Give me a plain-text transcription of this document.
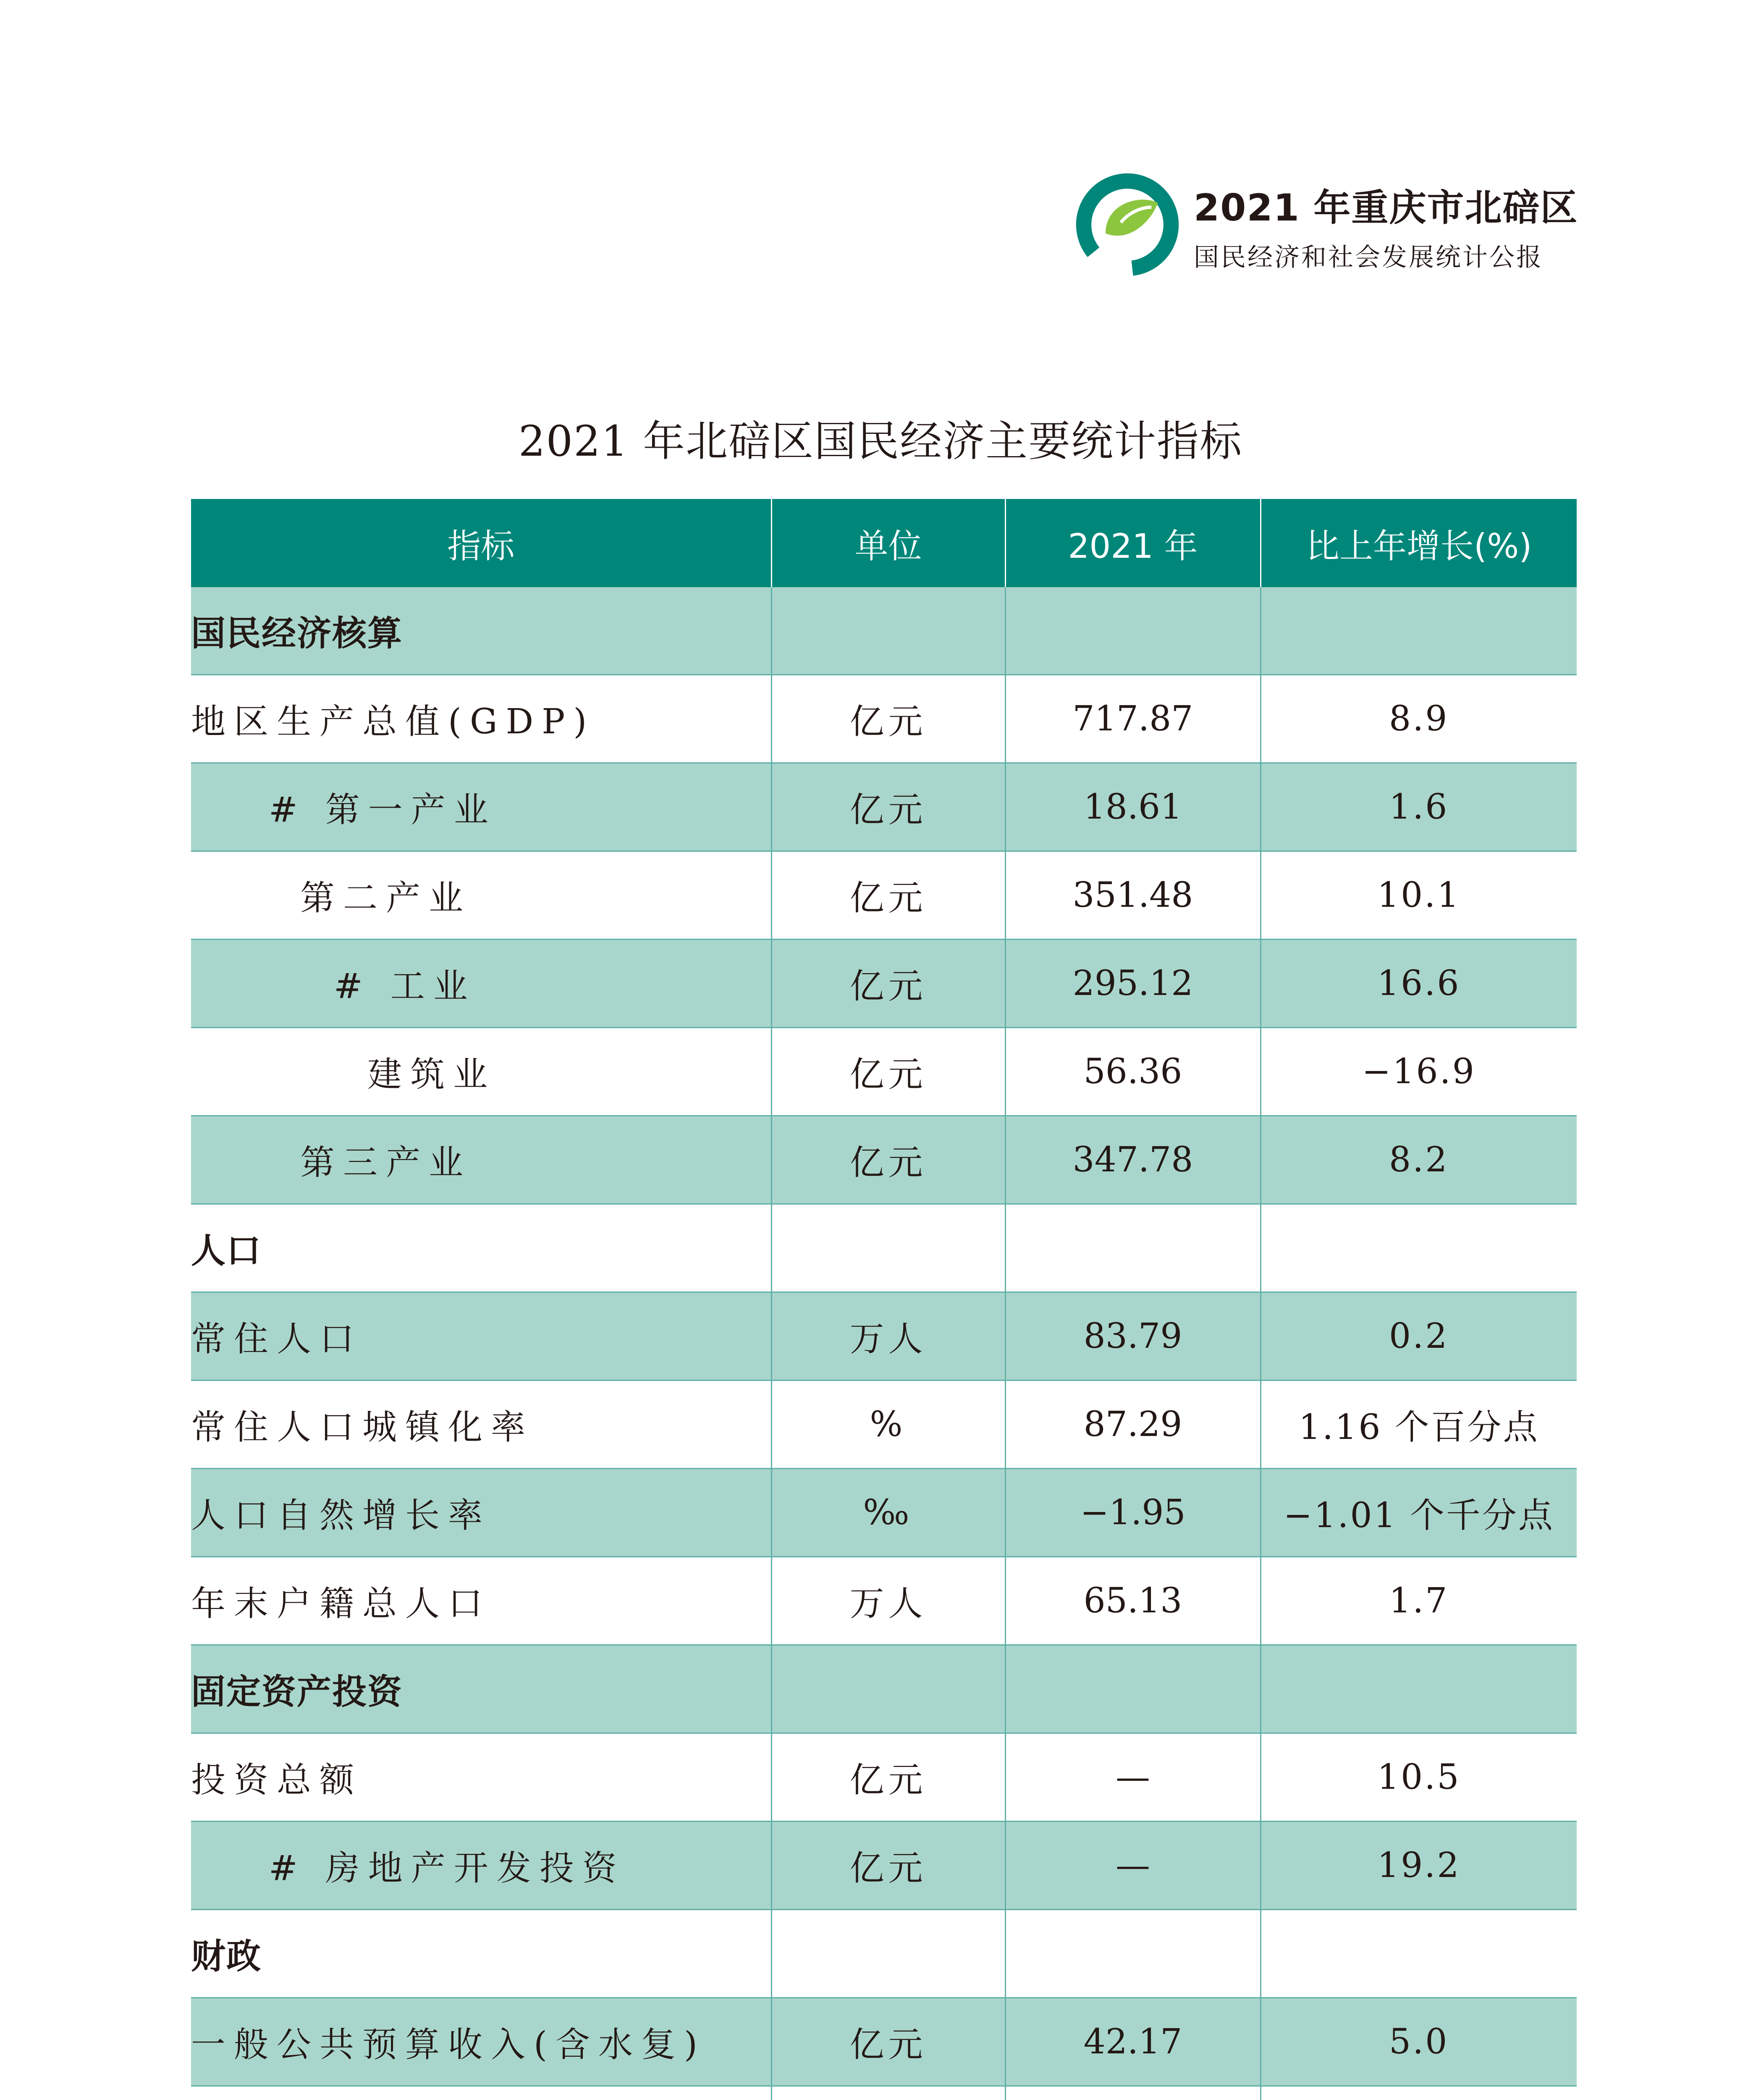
2021 年重庆市北碚区
国民经济和社会发展统计公报
2021 年北碚区国民经济主要统计指标
指标	单位	2021 年	比上年增长(%)
国民经济核算			
地区生产总值(GDP)	亿元	717.87	8.9
# 第一产业	亿元	18.61	1.6
第二产业	亿元	351.48	10.1
# 工业	亿元	295.12	16.6
建筑业	亿元	56.36	−16.9
第三产业	亿元	347.78	8.2
人口			
常住人口	万人	83.79	0.2
常住人口城镇化率	%	87.29	1.16 个百分点
人口自然增长率	‰	−1.95	−1.01 个千分点
年末户籍总人口	万人	65.13	1.7
固定资产投资			
投资总额	亿元	—	10.5
# 房地产开发投资	亿元	—	19.2
财政			
一般公共预算收入(含水复)	亿元	42.17	5.0
